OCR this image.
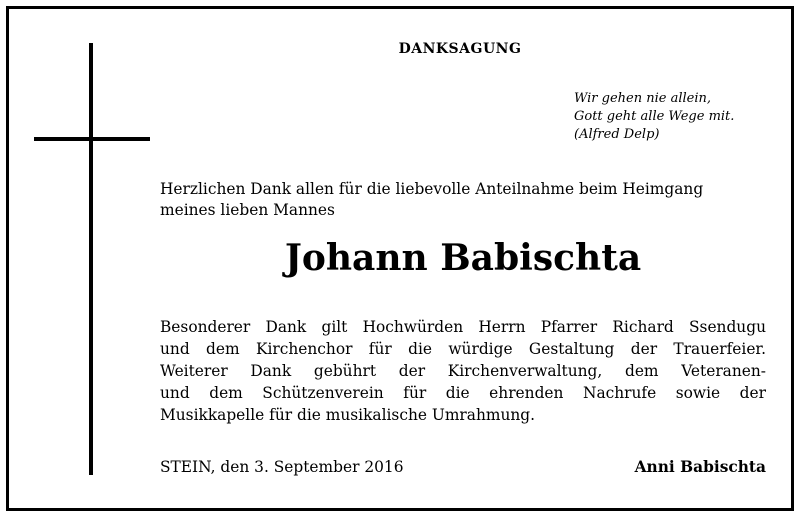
DANKSAGUNG
Wir gehen nie allein,
Gott geht alle Wege mit.
(Alfred Delp)
Herzlichen Dank allen für die liebevolle Anteilnahme beim Heimgang
meines lieben Mannes
Johann Babischta
Besonderer Dank gilt Hochwürden Herrn Pfarrer Richard Ssendugu
und dem Kirchenchor für die würdige Gestaltung der Trauerfeier.
Weiterer Dank gebührt der Kirchenverwaltung, dem Veteranen-
und dem Schützenverein für die ehrenden Nachrufe sowie der
Musikkapelle für die musikalische Umrahmung.
STEIN, den 3. September 2016	Anni Babischta
